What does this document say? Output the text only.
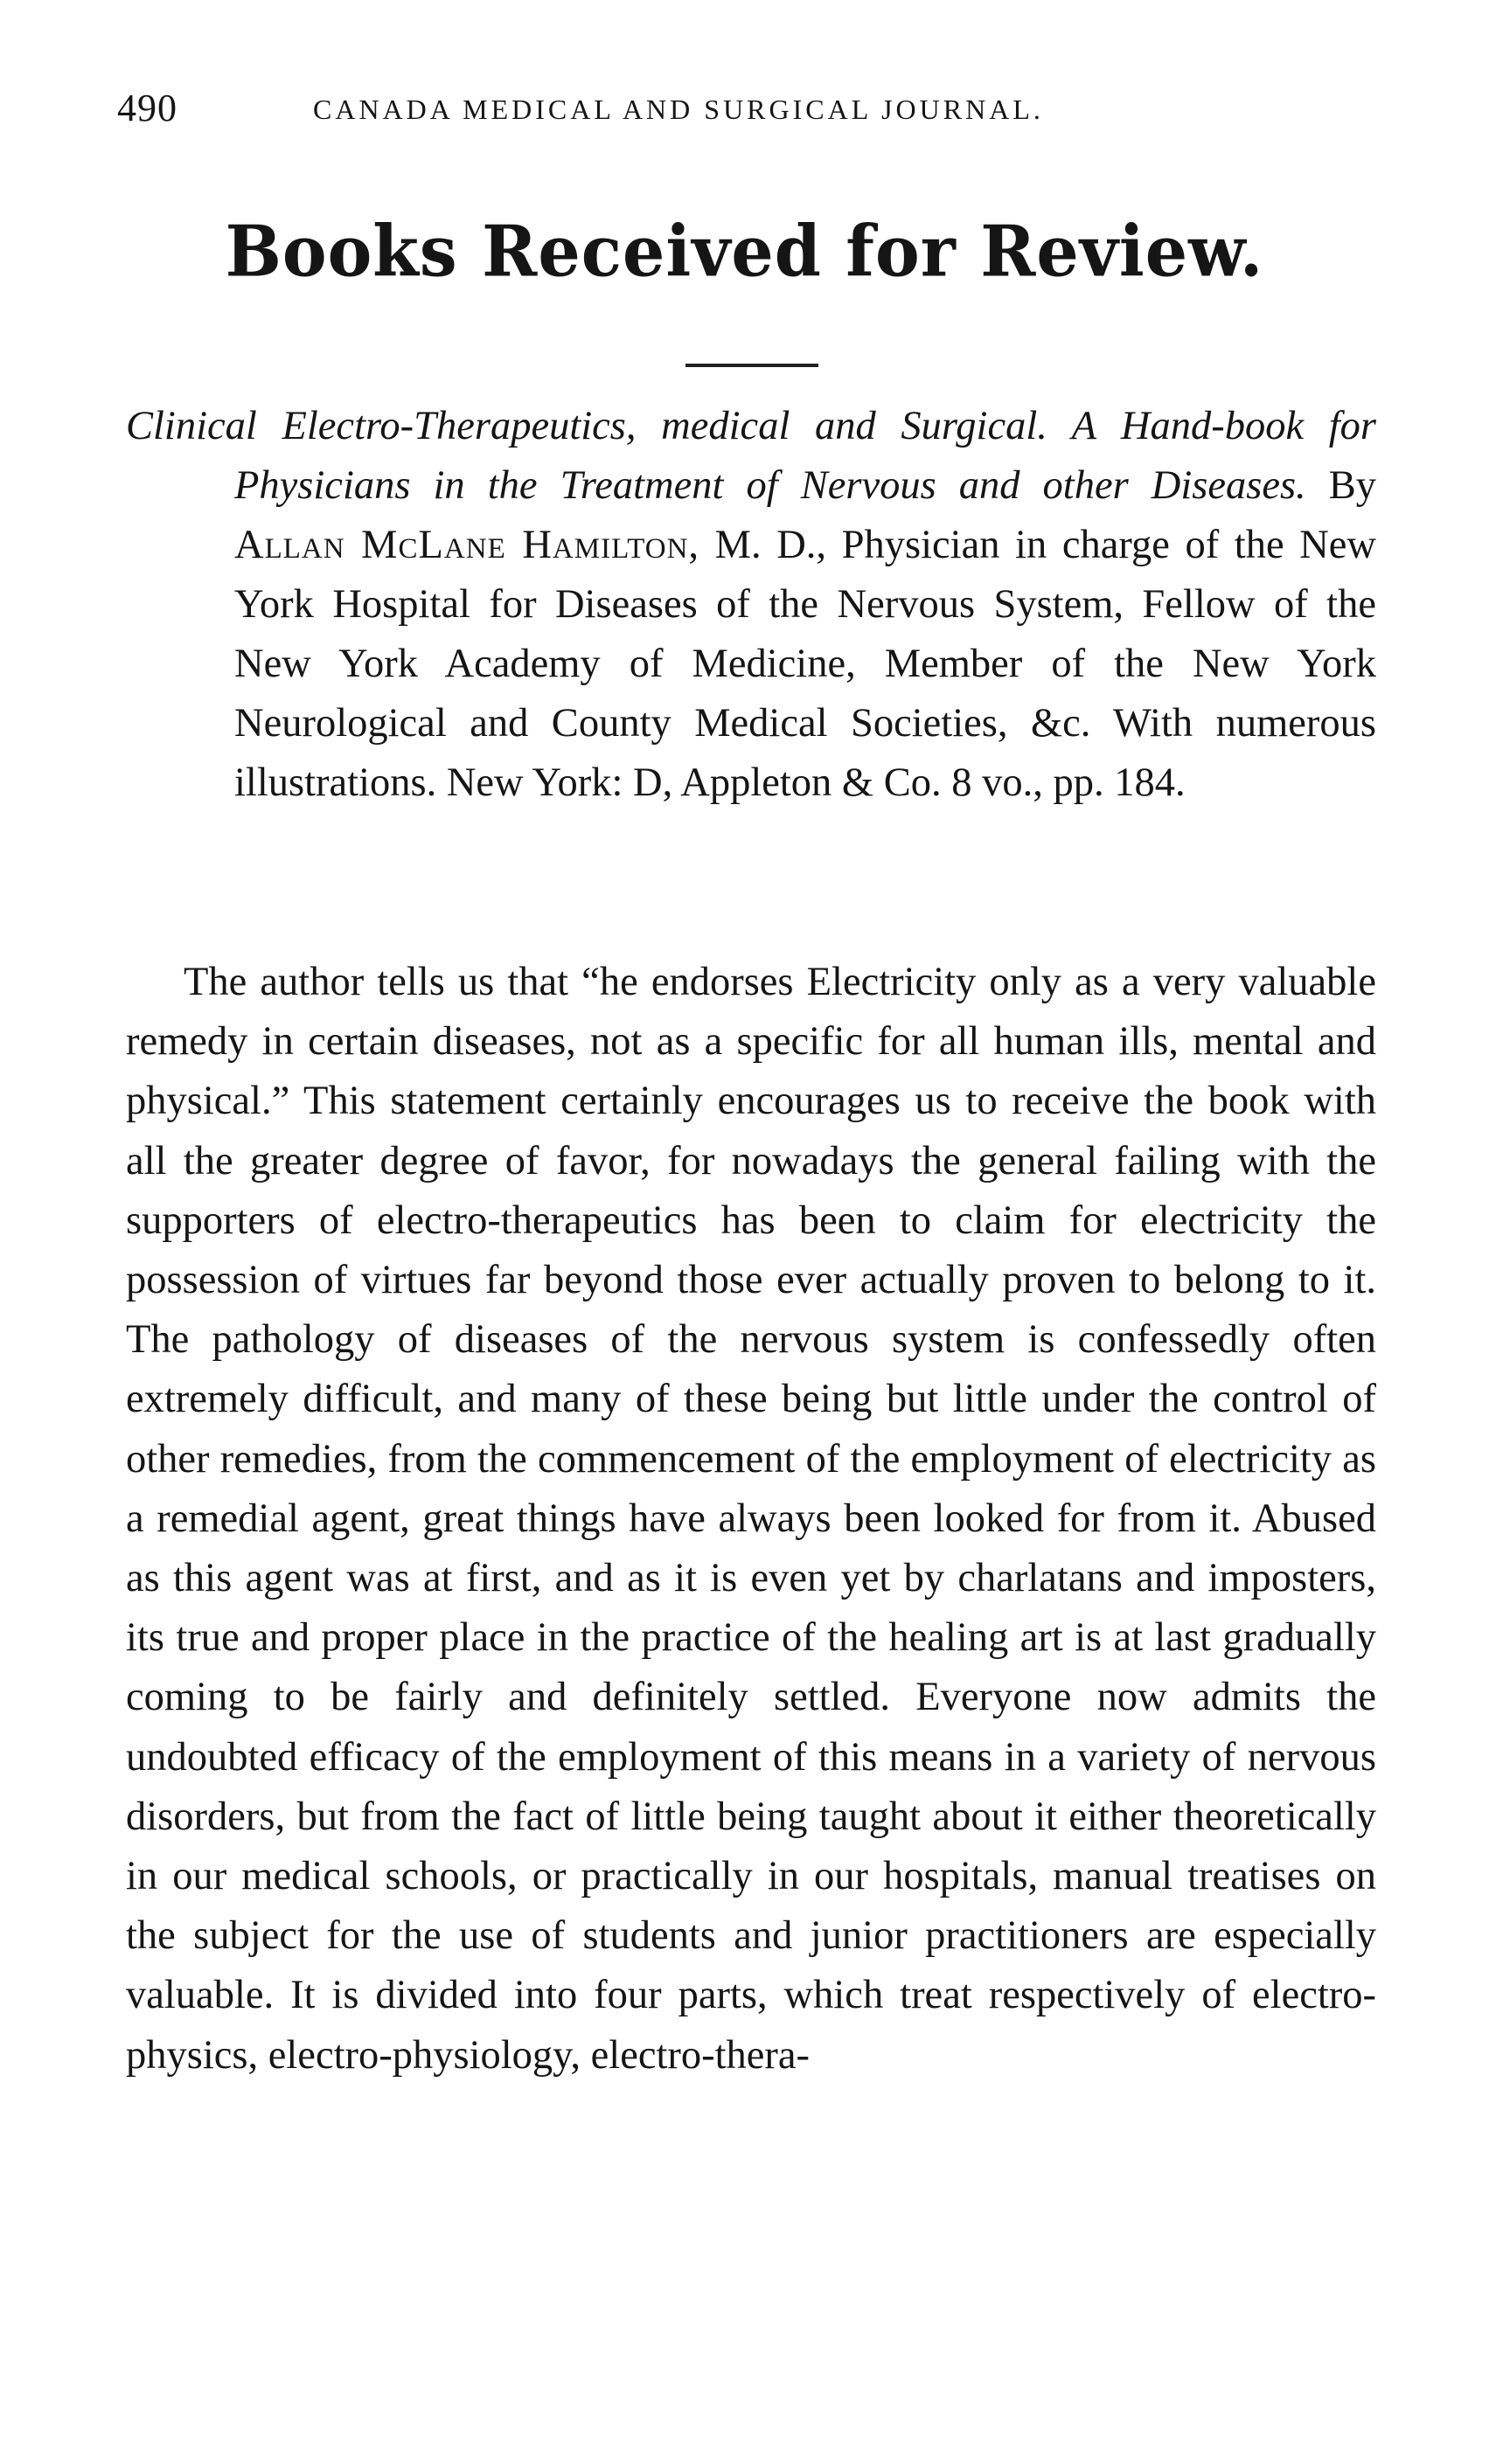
490	CANADA MEDICAL AND SURGICAL JOURNAL.
Books Received for Review.
Clinical Electro-Therapeutics, medical and Surgical. A Hand-book for Physicians in the Treatment of Nervous and other Diseases. By Allan McLane Hamilton, M. D., Physician in charge of the New York Hospital for Diseases of the Nervous System, Fellow of the New York Academy of Medicine, Member of the New York Neurological and County Medical Societies, &c. With numerous illustrations. New York: D, Appleton & Co. 8 vo., pp. 184.
The author tells us that “he endorses Electricity only as a very valuable remedy in certain diseases, not as a specific for all human ills, mental and physical.” This statement certainly encourages us to receive the book with all the greater degree of favor, for nowadays the general failing with the supporters of electro-therapeutics has been to claim for electricity the possession of virtues far beyond those ever actually proven to belong to it. The pathology of diseases of the nervous system is confessedly often extremely difficult, and many of these being but little under the control of other remedies, from the commencement of the employment of electricity as a remedial agent, great things have always been looked for from it. Abused as this agent was at first, and as it is even yet by charlatans and imposters, its true and proper place in the practice of the healing art is at last gradually coming to be fairly and definitely settled. Everyone now admits the undoubted efficacy of the employment of this means in a variety of nervous disorders, but from the fact of little being taught about it either theoretically in our medical schools, or practically in our hospitals, manual treatises on the subject for the use of students and junior practitioners are especially valuable. It is divided into four parts, which treat respectively of electro-physics, electro-physiology, electro-thera-
